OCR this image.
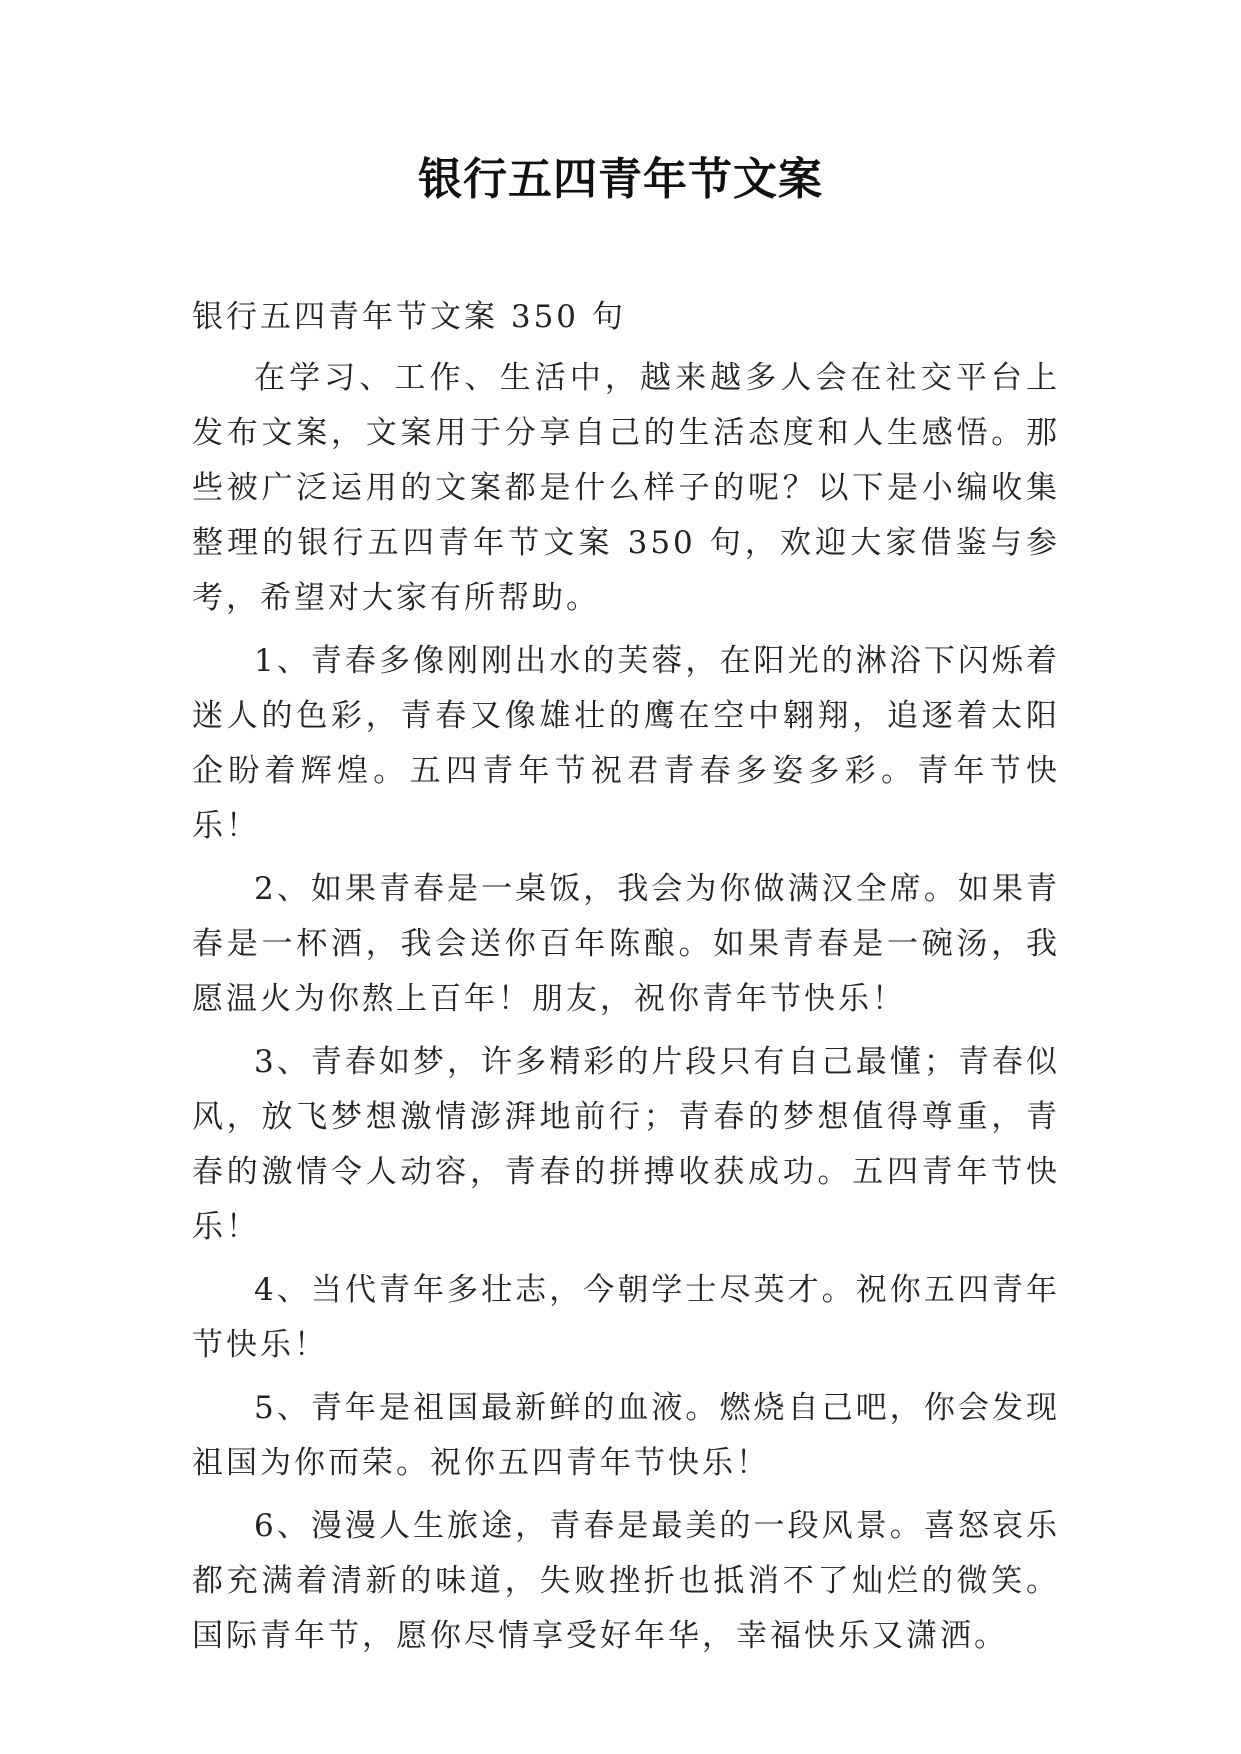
银行五四青年节文案

银行五四青年节文案 350 句

在学习、工作、生活中，越来越多人会在社交平台上发布文案，文案用于分享自己的生活态度和人生感悟。那些被广泛运用的文案都是什么样子的呢？以下是小编收集整理的银行五四青年节文案 350 句，欢迎大家借鉴与参考，希望对大家有所帮助。

1、青春多像刚刚出水的芙蓉，在阳光的淋浴下闪烁着迷人的色彩，青春又像雄壮的鹰在空中翱翔，追逐着太阳企盼着辉煌。五四青年节祝君青春多姿多彩。青年节快乐！

2、如果青春是一桌饭，我会为你做满汉全席。如果青春是一杯酒，我会送你百年陈酿。如果青春是一碗汤，我愿温火为你熬上百年！朋友，祝你青年节快乐！

3、青春如梦，许多精彩的片段只有自己最懂；青春似风，放飞梦想激情澎湃地前行；青春的梦想值得尊重，青春的激情令人动容，青春的拼搏收获成功。五四青年节快乐！

4、当代青年多壮志，今朝学士尽英才。祝你五四青年节快乐！

5、青年是祖国最新鲜的血液。燃烧自己吧，你会发现祖国为你而荣。祝你五四青年节快乐！

6、漫漫人生旅途，青春是最美的一段风景。喜怒哀乐都充满着清新的味道，失败挫折也抵消不了灿烂的微笑。国际青年节，愿你尽情享受好年华，幸福快乐又潇洒。
